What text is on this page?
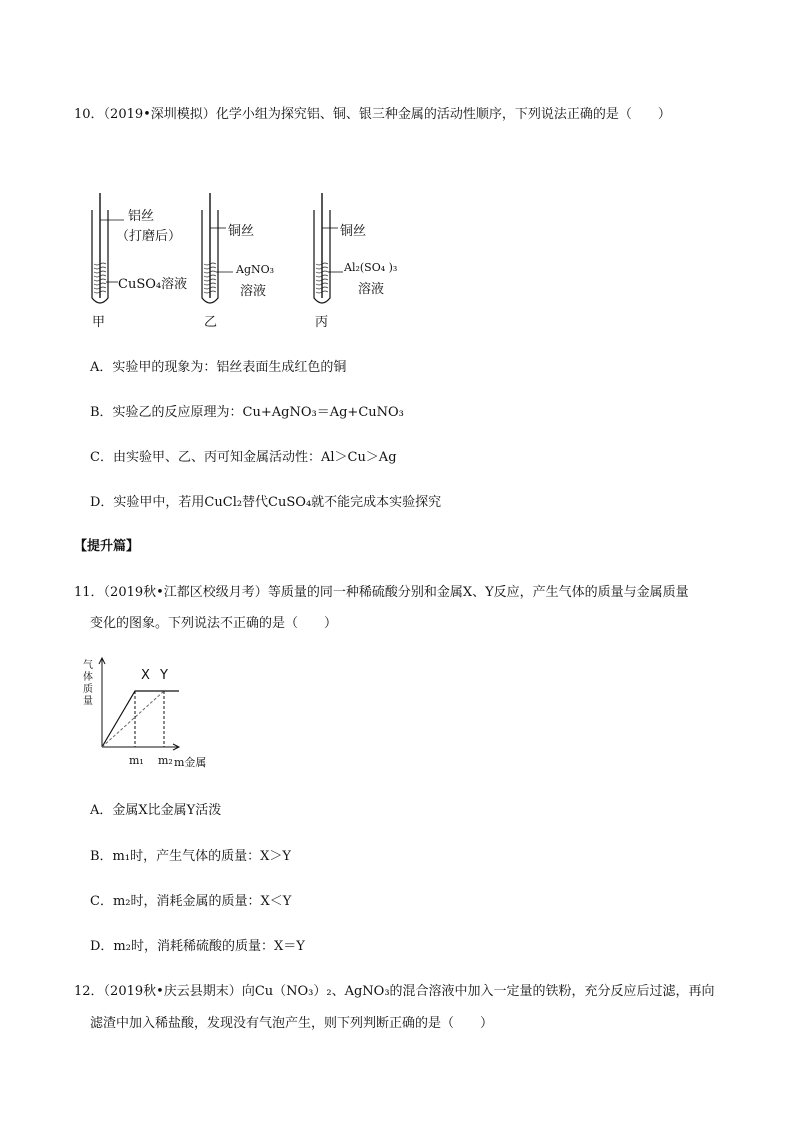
10．（2019•深圳模拟）化学小组为探究铝、铜、银三种金属的活动性顺序，下列说法正确的是（　　）
铝丝
（打磨后）
CuSO₄溶液
甲
铜丝
AgNO₃
溶液
乙
铜丝
Al₂(SO₄ )₃
溶液
丙
A．实验甲的现象为：铝丝表面生成红色的铜
B．实验乙的反应原理为：Cu+AgNO₃＝Ag+CuNO₃
C．由实验甲、乙、丙可知金属活动性：Al＞Cu＞Ag
D．实验甲中，若用CuCl₂替代CuSO₄就不能完成本实验探究
【提升篇】
11．（2019秋•江都区校级月考）等质量的同一种稀硫酸分别和金属X、Y反应，产生气体的质量与金属质量
变化的图象。下列说法不正确的是（　　）
气体质量
X Y
m₁ m₂ m金属
A．金属X比金属Y活泼
B．m₁时，产生气体的质量：X＞Y
C．m₂时，消耗金属的质量：X＜Y
D．m₂时，消耗稀硫酸的质量：X＝Y
12．（2019秋•庆云县期末）向Cu（NO₃）₂、AgNO₃的混合溶液中加入一定量的铁粉，充分反应后过滤，再向
滤渣中加入稀盐酸，发现没有气泡产生，则下列判断正确的是（　　）
